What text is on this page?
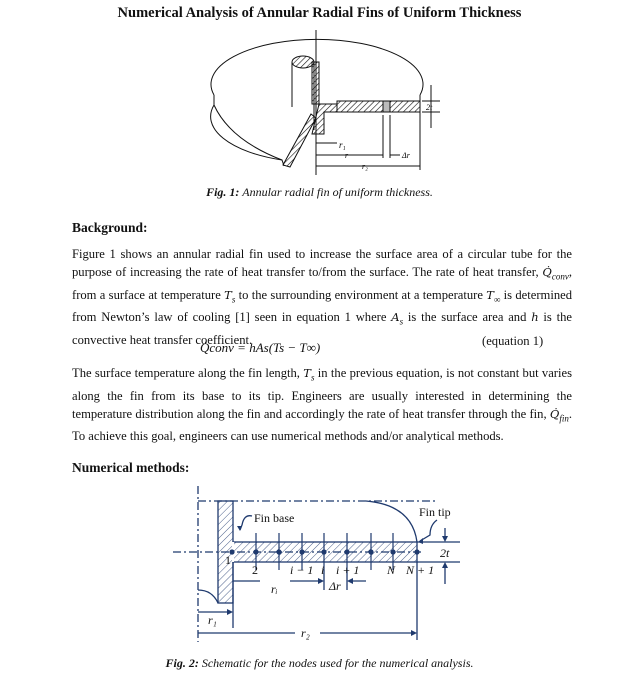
Numerical Analysis of Annular Radial Fins of Uniform Thickness
r₁
r	Δr
r₂
2t
Fig. 1: Annular radial fin of uniform thickness.
Background:
Figure 1 shows an annular radial fin used to increase the surface area of a circular tube for the purpose of increasing the rate of heat transfer to/from the surface. The rate of heat transfer, $Q̇_{conv}$, from a surface at temperature $T_s$ to the surrounding environment at a temperature $T_\infty$ is determined from Newton’s law of cooling [1] seen in equation 1 where $A_s$ is the surface area and h is the convective heat transfer coefficient.
Q̇conv = hAs(Ts − T∞)	(equation 1)
The surface temperature along the fin length, $T_s$ in the previous equation, is not constant but varies along the fin from its base to its tip. Engineers are usually interested in determining the temperature distribution along the fin and accordingly the rate of heat transfer through the fin, $Q̇_{fin}$. To achieve this goal, engineers can use numerical methods and/or analytical methods.
Numerical methods:
Fin base	Fin tip
2t
1
2	i − 1 i i + 1 N N + 1
rᵢ	Δr
r₁
r₂
Fig. 2: Schematic for the nodes used for the numerical analysis.
